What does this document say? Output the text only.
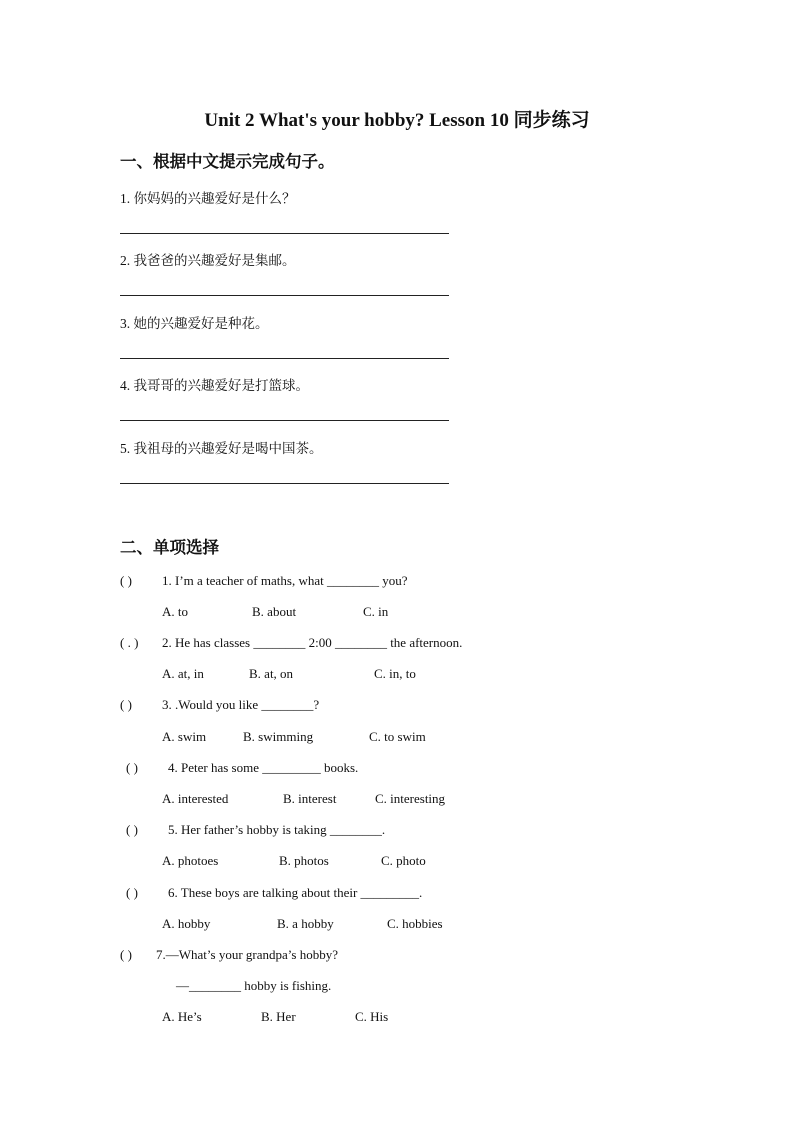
Unit 2 What's your hobby? Lesson 10 同步练习
一、根据中文提示完成句子。
1. 你妈妈的兴趣爱好是什么？
2. 我爸爸的兴趣爱好是集邮。
3. 她的兴趣爱好是种花。
4. 我哥哥的兴趣爱好是打篮球。
5. 我祖母的兴趣爱好是喝中国茶。
二、单项选择
( ) 1. I’m a teacher of maths, what ________ you?
A. to	B. about	C. in
( . ) 2. He has classes ________ 2:00 ________ the afternoon.
A. at, in	B. at, on	C. in, to
( ) 3. .Would you like ________?
A. swim	B. swimming	C. to swim
( ) 4. Peter has some _________ books.
A. interested	B. interest	C. interesting
( ) 5. Her father’s hobby is taking ________.
A. photoes	B. photos	C. photo
( ) 6. These boys are talking about their _________.
A. hobby	B. a hobby	C. hobbies
( ) 7.—What’s your grandpa’s hobby?
—________ hobby is fishing.
A. He’s	B. Her	C. His
